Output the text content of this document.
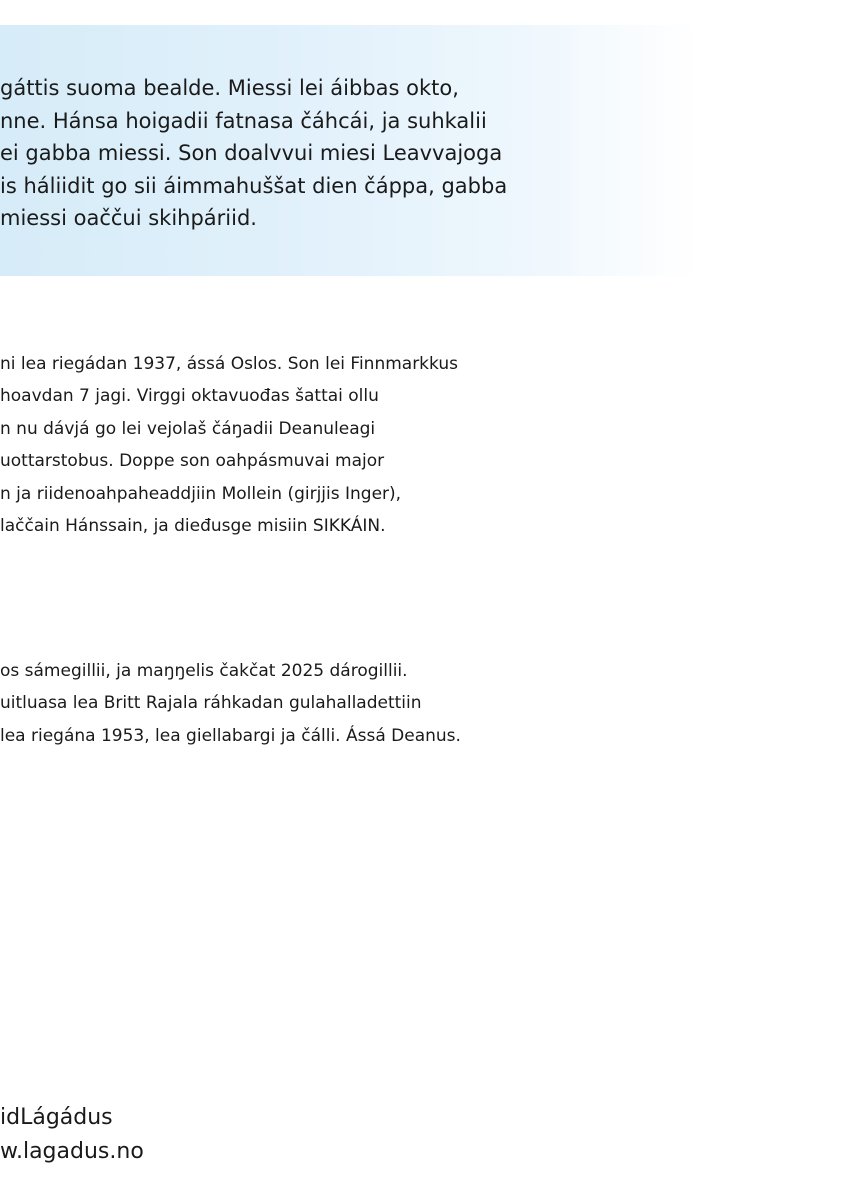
gáttis suoma bealde. Miessi lei áibbas okto,
nne. Hánsa hoigadii fatnasa čáhcái, ja suhkalii
ei gabba miessi. Son doalvvui miesi Leavvajoga
is háliidit go sii áimmahuššat dien čáppa, gabba
miessi oaččui skihpáriid.
ni lea riegádan 1937, ássá Oslos. Son lei Finnmarkkus
hoavdan 7 jagi. Virggi oktavuođas šattai ollu
n nu dávjá go lei vejolaš čáŋadii Deanuleagi
uottarstobus. Doppe son oahpásmuvai major
n ja riidenoahpaheaddjiin Mollein (girjjis Inger),
laččain Hánssain, ja dieđusge misiin SIKKÁIN.
os sámegillii, ja maŋŋelis čakčat 2025 dárogillii.
uitluasa lea Britt Rajala ráhkadan gulahalladettiin
lea riegána 1953, lea giellabargi ja čálli. Ássá Deanus.
idLágádus
w.lagadus.no
